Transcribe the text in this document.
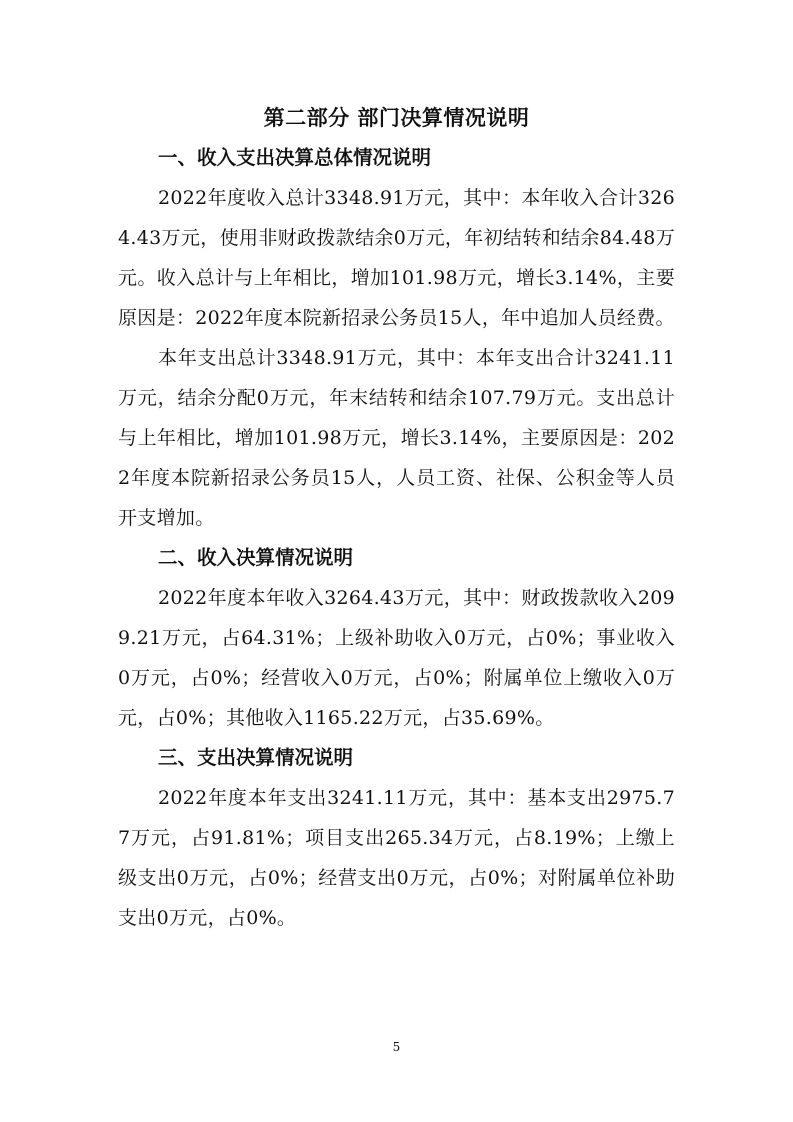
第二部分 部门决算情况说明
一、收入支出决算总体情况说明

2022年度收入总计3348.91万元，其中：本年收入合计3264.43万元，使用非财政拨款结余0万元，年初结转和结余84.48万元。收入总计与上年相比，增加101.98万元，增长3.14%，主要原因是：2022年度本院新招录公务员15人，年中追加人员经费。

本年支出总计3348.91万元，其中：本年支出合计3241.11万元，结余分配0万元，年末结转和结余107.79万元。支出总计与上年相比，增加101.98万元，增长3.14%，主要原因是：2022年度本院新招录公务员15人，人员工资、社保、公积金等人员开支增加。

二、收入决算情况说明

2022年度本年收入3264.43万元，其中：财政拨款收入2099.21万元，占64.31%；上级补助收入0万元，占0%；事业收入0万元，占0%；经营收入0万元，占0%；附属单位上缴收入0万元，占0%；其他收入1165.22万元，占35.69%。

三、支出决算情况说明

2022年度本年支出3241.11万元，其中：基本支出2975.77万元，占91.81%；项目支出265.34万元，占8.19%；上缴上级支出0万元，占0%；经营支出0万元，占0%；对附属单位补助支出0万元，占0%。

5
